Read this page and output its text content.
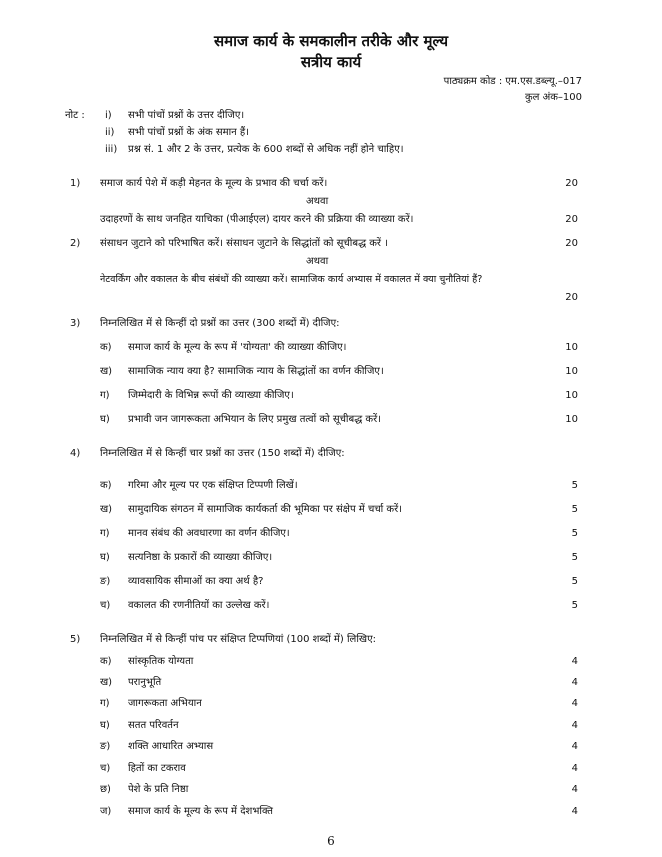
समाज कार्य के समकालीन तरीके और मूल्य
सत्रीय कार्य
पाठ्यक्रम कोड : एम.एस.डब्ल्यू.–017
कुल अंक–100
नोट : i) सभी पांचों प्रश्नों के उत्तर दीजिए।
ii) सभी पांचों प्रश्नों के अंक समान हैं।
iii) प्रश्न सं. 1 और 2 के उत्तर, प्रत्येक के 600 शब्दों से अधिक नहीं होने चाहिए।
1) समाज कार्य पेशे में कड़ी मेहनत के मूल्य के प्रभाव की चर्चा करें।	20
अथवा
उदाहरणों के साथ जनहित याचिका (पीआईएल) दायर करने की प्रक्रिया की व्याख्या करें।	20
2) संसाधन जुटाने को परिभाषित करें। संसाधन जुटाने के सिद्धांतों को सूचीबद्ध करें ।	20
अथवा
नेटवर्किंग और वकालत के बीच संबंधों की व्याख्या करें। सामाजिक कार्य अभ्यास में वकालत में क्या चुनौतियां हैं?
20
3) निम्नलिखित में से किन्हीं दो प्रश्नों का उत्तर (300 शब्दों में) दीजिए:
क) समाज कार्य के मूल्य के रूप में 'योग्यता' की व्याख्या कीजिए।	10
ख) सामाजिक न्याय क्या है? सामाजिक न्याय के सिद्धांतों का वर्णन कीजिए।	10
ग) जिम्मेदारी के विभिन्न रूपों की व्याख्या कीजिए।	10
घ) प्रभावी जन जागरूकता अभियान के लिए प्रमुख तत्वों को सूचीबद्ध करें।	10
4) निम्नलिखित में से किन्हीं चार प्रश्नों का उत्तर (150 शब्दों में) दीजिए:
क) गरिमा और मूल्य पर एक संक्षिप्त टिप्पणी लिखें।	5
ख) सामुदायिक संगठन में सामाजिक कार्यकर्ता की भूमिका पर संक्षेप में चर्चा करें।	5
ग) मानव संबंध की अवधारणा का वर्णन कीजिए।	5
घ) सत्यनिष्ठा के प्रकारों की व्याख्या कीजिए।	5
ङ) व्यावसायिक सीमाओं का क्या अर्थ है?	5
च) वकालत की रणनीतियों का उल्लेख करें।	5
5) निम्नलिखित में से किन्हीं पांच पर संक्षिप्त टिप्पणियां (100 शब्दों में) लिखिए:
क) सांस्कृतिक योग्यता	4
ख) परानुभूति	4
ग) जागरूकता अभियान	4
घ) सतत परिवर्तन	4
ङ) शक्ति आधारित अभ्यास	4
च) हितों का टकराव	4
छ) पेशे के प्रति निष्ठा	4
ज) समाज कार्य के मूल्य के रूप में देशभक्ति	4
6
